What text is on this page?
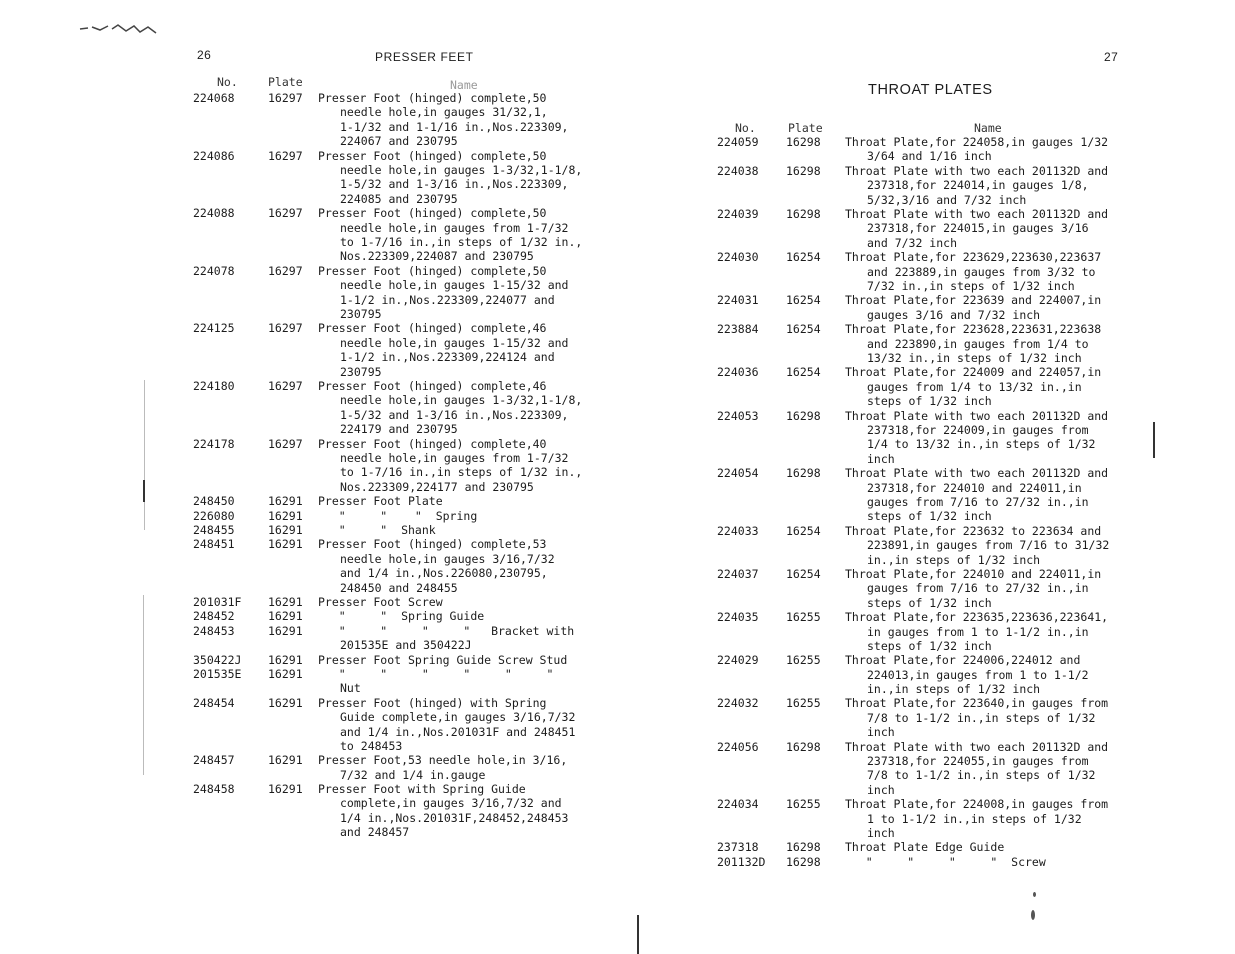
26	PRESSER FEET
No.	Plate	Name
224068	16297 Presser Foot (hinged) complete,50
needle hole,in gauges 31/32,1,
1-1/32 and 1-1/16 in.,Nos.223309,
224067 and 230795
224086	16297 Presser Foot (hinged) complete,50
needle hole,in gauges 1-3/32,1-1/8,
1-5/32 and 1-3/16 in.,Nos.223309,
224085 and 230795
224088	16297 Presser Foot (hinged) complete,50
needle hole,in gauges from 1-7/32
to 1-7/16 in.,in steps of 1/32 in.,
Nos.223309,224087 and 230795
224078	16297 Presser Foot (hinged) complete,50
needle hole,in gauges 1-15/32 and
1-1/2 in.,Nos.223309,224077 and
230795
224125	16297 Presser Foot (hinged) complete,46
needle hole,in gauges 1-15/32 and
1-1/2 in.,Nos.223309,224124 and
230795
224180	16297 Presser Foot (hinged) complete,46
needle hole,in gauges 1-3/32,1-1/8,
1-5/32 and 1-3/16 in.,Nos.223309,
224179 and 230795
224178	16297 Presser Foot (hinged) complete,40
needle hole,in gauges from 1-7/32
to 1-7/16 in.,in steps of 1/32 in.,
Nos.223309,224177 and 230795
248450	16291 Presser Foot Plate
226080	16291 "     "    "  Spring
248455	16291 "     "  Shank
248451	16291 Presser Foot (hinged) complete,53
needle hole,in gauges 3/16,7/32
and 1/4 in.,Nos.226080,230795,
248450 and 248455
201031F 16291 Presser Foot Screw
248452	16291 "     "  Spring Guide
248453	16291 "     "     "     "   Bracket with
201535E and 350422J
350422J 16291 Presser Foot Spring Guide Screw Stud
201535E 16291 "     "     "     "     "     "
Nut
248454	16291 Presser Foot (hinged) with Spring
Guide complete,in gauges 3/16,7/32
and 1/4 in.,Nos.201031F and 248451
to 248453
248457	16291 Presser Foot,53 needle hole,in 3/16,
7/32 and 1/4 in.gauge
248458	16291 Presser Foot with Spring Guide
complete,in gauges 3/16,7/32 and
1/4 in.,Nos.201031F,248452,248453
and 248457
27
THROAT PLATES
No.	Plate	Name
224059 16298 Throat Plate,for 224058,in gauges 1/32
3/64 and 1/16 inch
224038 16298 Throat Plate with two each 201132D and
237318,for 224014,in gauges 1/8,
5/32,3/16 and 7/32 inch
224039 16298 Throat Plate with two each 201132D and
237318,for 224015,in gauges 3/16
and 7/32 inch
224030 16254 Throat Plate,for 223629,223630,223637
and 223889,in gauges from 3/32 to
7/32 in.,in steps of 1/32 inch
224031 16254 Throat Plate,for 223639 and 224007,in
gauges 3/16 and 7/32 inch
223884 16254 Throat Plate,for 223628,223631,223638
and 223890,in gauges from 1/4 to
13/32 in.,in steps of 1/32 inch
224036 16254 Throat Plate,for 224009 and 224057,in
gauges from 1/4 to 13/32 in.,in
steps of 1/32 inch
224053 16298 Throat Plate with two each 201132D and
237318,for 224009,in gauges from
1/4 to 13/32 in.,in steps of 1/32
inch
224054 16298 Throat Plate with two each 201132D and
237318,for 224010 and 224011,in
gauges from 7/16 to 27/32 in.,in
steps of 1/32 inch
224033 16254 Throat Plate,for 223632 to 223634 and
223891,in gauges from 7/16 to 31/32
in.,in steps of 1/32 inch
224037 16254 Throat Plate,for 224010 and 224011,in
gauges from 7/16 to 27/32 in.,in
steps of 1/32 inch
224035 16255 Throat Plate,for 223635,223636,223641,
in gauges from 1 to 1-1/2 in.,in
steps of 1/32 inch
224029 16255 Throat Plate,for 224006,224012 and
224013,in gauges from 1 to 1-1/2
in.,in steps of 1/32 inch
224032 16255 Throat Plate,for 223640,in gauges from
7/8 to 1-1/2 in.,in steps of 1/32
inch
224056 16298 Throat Plate with two each 201132D and
237318,for 224055,in gauges from
7/8 to 1-1/2 in.,in steps of 1/32
inch
224034 16255 Throat Plate,for 224008,in gauges from
1 to 1-1/2 in.,in steps of 1/32
inch
237318 16298 Throat Plate Edge Guide
201132D 16298 "     "     "     "  Screw
